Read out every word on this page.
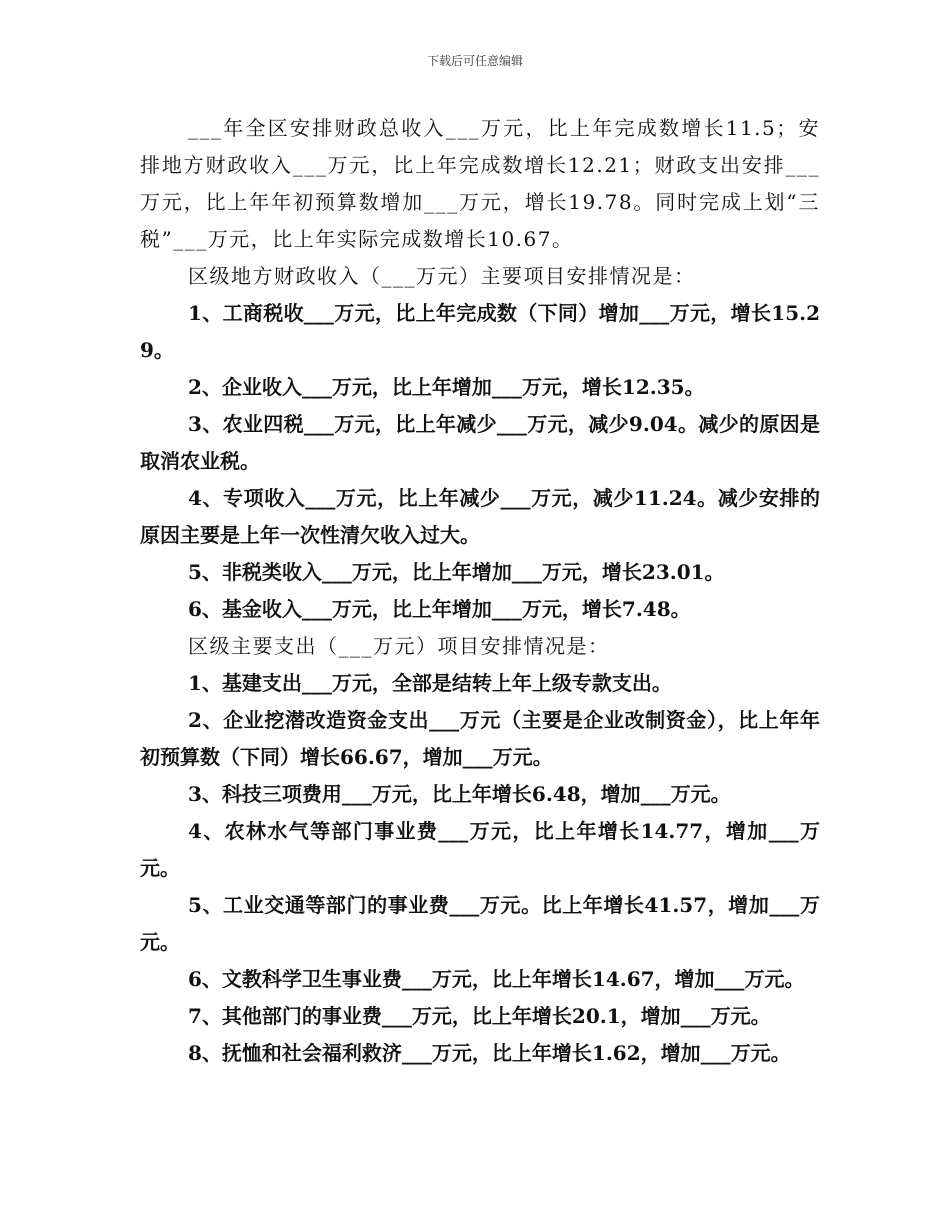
下载后可任意编辑

___年全区安排财政总收入___万元，比上年完成数增长11.5；安排地方财政收入___万元，比上年完成数增长12.21；财政支出安排___万元，比上年年初预算数增加___万元，增长19.78。同时完成上划“三税”___万元，比上年实际完成数增长10.67。

区级地方财政收入（___万元）主要项目安排情况是：

1、工商税收___万元，比上年完成数（下同）增加___万元，增长15.29。

2、企业收入___万元，比上年增加___万元，增长12.35。

3、农业四税___万元，比上年减少___万元，减少9.04。减少的原因是取消农业税。

4、专项收入___万元，比上年减少___万元，减少11.24。减少安排的原因主要是上年一次性清欠收入过大。

5、非税类收入___万元，比上年增加___万元，增长23.01。

6、基金收入___万元，比上年增加___万元，增长7.48。

区级主要支出（___万元）项目安排情况是：

1、基建支出___万元，全部是结转上年上级专款支出。

2、企业挖潜改造资金支出___万元（主要是企业改制资金），比上年年初预算数（下同）增长66.67，增加___万元。

3、科技三项费用___万元，比上年增长6.48，增加___万元。

4、农林水气等部门事业费___万元，比上年增长14.77，增加___万元。

5、工业交通等部门的事业费___万元。比上年增长41.57，增加___万元。

6、文教科学卫生事业费___万元，比上年增长14.67，增加___万元。

7、其他部门的事业费___万元，比上年增长20.1，增加___万元。

8、抚恤和社会福利救济___万元，比上年增长1.62，增加___万元。
